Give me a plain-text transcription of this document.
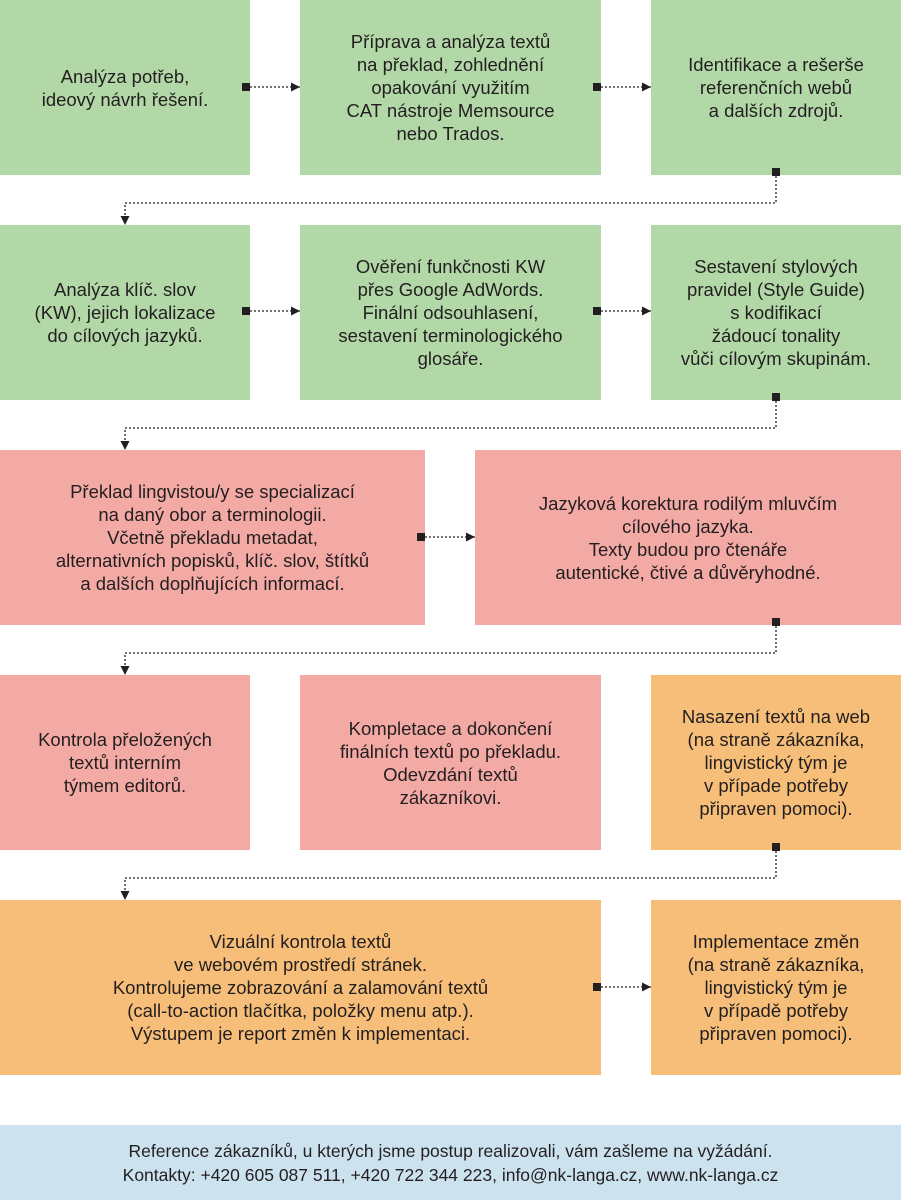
Analýza potřeb,
ideový návrh řešení.
Příprava a analýza textů
na překlad, zohlednění
opakování využitím
CAT nástroje Memsource
nebo Trados.
Identifikace a rešerše
referenčních webů
a dalších zdrojů.
Analýza klíč. slov
(KW), jejich lokalizace
do cílových jazyků.
Ověření funkčnosti KW
přes Google AdWords.
Finální odsouhlasení,
sestavení terminologického
glosáře.
Sestavení stylových
pravidel (Style Guide)
s kodifikací
žádoucí tonality
vůči cílovým skupinám.
Překlad lingvistou/y se specializací
na daný obor a terminologii.
Včetně překladu metadat,
alternativních popisků, klíč. slov, štítků
a dalších doplňujících informací.
Jazyková korektura rodilým mluvčím
cílového jazyka.
Texty budou pro čtenáře
autentické, čtivé a důvěryhodné.
Kontrola přeložených
textů interním
týmem editorů.
Kompletace a dokončení
finálních textů po překladu.
Odevzdání textů
zákazníkovi.
Nasazení textů na web
(na straně zákazníka,
lingvistický tým je
v případe potřeby
připraven pomoci).
Vizuální kontrola textů
ve webovém prostředí stránek.
Kontrolujeme zobrazování a zalamování textů
(call-to-action tlačítka, položky menu atp.).
Výstupem je report změn k implementaci.
Implementace změn
(na straně zákazníka,
lingvistický tým je
v případě potřeby
připraven pomoci).
Reference zákazníků, u kterých jsme postup realizovali, vám zašleme na vyžádání.
Kontakty: +420 605 087 511, +420 722 344 223, info@nk-langa.cz, www.nk-langa.cz
